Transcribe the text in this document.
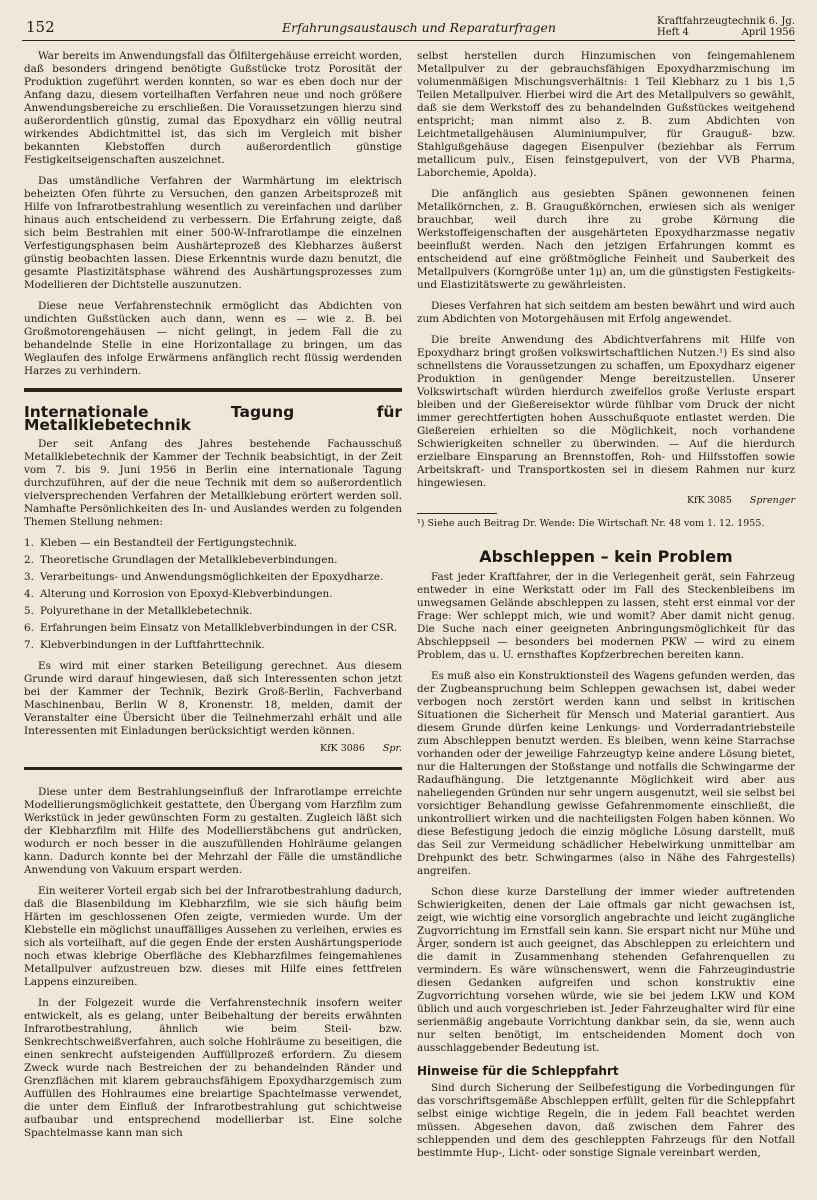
152	Erfahrungsaustausch und Reparaturfragen	Kraftfahrzeugtechnik 6. Jg.
Heft 4	April 1956

War bereits im Anwendungsfall das Ölfiltergehäuse erreicht worden, daß besonders dringend benötigte Gußstücke trotz Porosität der Produktion zugeführt werden konnten, so war es eben doch nur der Anfang dazu, diesem vorteilhaften Verfahren neue und noch größere Anwendungsbereiche zu erschließen. Die Voraussetzungen hierzu sind außerordentlich günstig, zumal das Epoxydharz ein völlig neutral wirkendes Abdichtmittel ist, das sich im Vergleich mit bisher bekannten Klebstoffen durch außerordentlich günstige Festigkeitseigenschaften auszeichnet.

Das umständliche Verfahren der Warmhärtung im elektrisch beheizten Ofen führte zu Versuchen, den ganzen Arbeitsprozeß mit Hilfe von Infrarotbestrahlung wesentlich zu vereinfachen und darüber hinaus auch entscheidend zu verbessern. Die Erfahrung zeigte, daß sich beim Bestrahlen mit einer 500-W-Infrarotlampe die einzelnen Verfestigungsphasen beim Aushärteprozeß des Klebharzes äußerst günstig beobachten lassen. Diese Erkenntnis wurde dazu benutzt, die gesamte Plastizitätsphase während des Aushärtungsprozesses zum Modellieren der Dichtstelle auszunutzen.

Diese neue Verfahrenstechnik ermöglicht das Abdichten von undichten Gußstücken auch dann, wenn es — wie z. B. bei Großmotorengehäusen — nicht gelingt, in jedem Fall die zu behandelnde Stelle in eine Horizontallage zu bringen, um das Weglaufen des infolge Erwärmens anfänglich recht flüssig werdenden Harzes zu verhindern.

Internationale Tagung für Metallklebetechnik

Der seit Anfang des Jahres bestehende Fachausschuß Metallklebetechnik der Kammer der Technik beabsichtigt, in der Zeit vom 7. bis 9. Juni 1956 in Berlin eine internationale Tagung durchzuführen, auf der die neue Technik mit dem so außerordentlich vielversprechenden Verfahren der Metallklebung erörtert werden soll. Namhafte Persönlichkeiten des In- und Auslandes werden zu folgenden Themen Stellung nehmen:

1. Kleben — ein Bestandteil der Fertigungstechnik.
2. Theoretische Grundlagen der Metallklebeverbindungen.
3. Verarbeitungs- und Anwendungsmöglichkeiten der Epoxydharze.
4. Alterung und Korrosion von Epoxyd-Klebverbindungen.
5. Polyurethane in der Metallklebetechnik.
6. Erfahrungen beim Einsatz von Metallklebverbindungen in der CSR.
7. Klebverbindungen in der Luftfahrttechnik.

Es wird mit einer starken Beteiligung gerechnet. Aus diesem Grunde wird darauf hingewiesen, daß sich Interessenten schon jetzt bei der Kammer der Technik, Bezirk Groß-Berlin, Fachverband Maschinenbau, Berlin W 8, Kronenstr. 18, melden, damit der Veranstalter eine Übersicht über die Teilnehmerzahl erhält und alle Interessenten mit Einladungen berücksichtigt werden können.

KfK 3086 Spr.

Diese unter dem Bestrahlungseinfluß der Infrarotlampe erreichte Modellierungsmöglichkeit gestattete, den Übergang vom Harzfilm zum Werkstück in jeder gewünschten Form zu gestalten. Zugleich läßt sich der Klebharzfilm mit Hilfe des Modellierstäbchens gut andrücken, wodurch er noch besser in die auszufüllenden Hohlräume gelangen kann. Dadurch konnte bei der Mehrzahl der Fälle die umständliche Anwendung von Vakuum erspart werden.

Ein weiterer Vorteil ergab sich bei der Infrarotbestrahlung dadurch, daß die Blasenbildung im Klebharzfilm, wie sie sich häufig beim Härten im geschlossenen Ofen zeigte, vermieden wurde. Um der Klebstelle ein möglichst unauffälliges Aussehen zu verleihen, erwies es sich als vorteilhaft, auf die gegen Ende der ersten Aushärtungsperiode noch etwas klebrige Oberfläche des Klebharzfilmes feingemahlenes Metallpulver aufzustreuen bzw. dieses mit Hilfe eines fettfreien Lappens einzureiben.

In der Folgezeit wurde die Verfahrenstechnik insofern weiter entwickelt, als es gelang, unter Beibehaltung der bereits erwähnten Infrarotbestrahlung, ähnlich wie beim Steil- bzw. Senkrechtschweißverfahren, auch solche Hohlräume zu beseitigen, die einen senkrecht aufsteigenden Auffüllprozeß erfordern. Zu diesem Zweck wurde nach Bestreichen der zu behandelnden Ränder und Grenzflächen mit klarem gebrauchsfähigem Epoxydharzgemisch zum Auffüllen des Hohlraumes eine breiartige Spachtelmasse verwendet, die unter dem Einfluß der Infrarotbestrahlung gut schichtweise aufbaubar und entsprechend modellierbar ist. Eine solche Spachtelmasse kann man sich

selbst herstellen durch Hinzumischen von feingemahlenem Metallpulver zu der gebrauchsfähigen Epoxydharzmischung im volumenmäßigen Mischungsverhältnis: 1 Teil Klebharz zu 1 bis 1,5 Teilen Metallpulver. Hierbei wird die Art des Metallpulvers so gewählt, daß sie dem Werkstoff des zu behandelnden Gußstückes weitgehend entspricht; man nimmt also z. B. zum Abdichten von Leichtmetallgehäusen Aluminiumpulver, für Grauguß- bzw. Stahlgußgehäuse dagegen Eisenpulver (beziehbar als Ferrum metallicum pulv., Eisen feinstgepulvert, von der VVB Pharma, Laborchemie, Apolda).

Die anfänglich aus gesiebten Spänen gewonnenen feinen Metallkörnchen, z. B. Graugußkörnchen, erwiesen sich als weniger brauchbar, weil durch ihre zu grobe Körnung die Werkstoffeigenschaften der ausgehärteten Epoxydharzmasse negativ beeinflußt werden. Nach den jetzigen Erfahrungen kommt es entscheidend auf eine größtmögliche Feinheit und Sauberkeit des Metallpulvers (Korngröße unter 1μ) an, um die günstigsten Festigkeits- und Elastizitätswerte zu gewährleisten.

Dieses Verfahren hat sich seitdem am besten bewährt und wird auch zum Abdichten von Motorgehäusen mit Erfolg angewendet.

Die breite Anwendung des Abdichtverfahrens mit Hilfe von Epoxydharz bringt großen volkswirtschaftlichen Nutzen.¹) Es sind also schnellstens die Voraussetzungen zu schaffen, um Epoxydharz eigener Produktion in genügender Menge bereitzustellen. Unserer Volkswirtschaft würden hierdurch zweifellos große Verluste erspart bleiben und der Gießereisektor würde fühlbar vom Druck der nicht immer gerechtfertigten hohen Ausschußquote entlastet werden. Die Gießereien erhielten so die Möglichkeit, noch vorhandene Schwierigkeiten schneller zu überwinden. — Auf die hierdurch erzielbare Einsparung an Brennstoffen, Roh- und Hilfsstoffen sowie Arbeitskraft- und Transportkosten sei in diesem Rahmen nur kurz hingewiesen.

KfK 3085 Sprenger
¹) Siehe auch Beitrag Dr. Wende: Die Wirtschaft Nr. 48 vom 1. 12. 1955.
Abschleppen – kein Problem

Fast jeder Kraftfahrer, der in die Verlegenheit gerät, sein Fahrzeug entweder in eine Werkstatt oder im Fall des Steckenbleibens im unwegsamen Gelände abschleppen zu lassen, steht erst einmal vor der Frage: Wer schleppt mich, wie und womit? Aber damit nicht genug. Die Suche nach einer geeigneten Anbringungsmöglichkeit für das Abschleppseil — besonders bei modernen PKW — wird zu einem Problem, das u. U. ernsthaftes Kopfzerbrechen bereiten kann.

Es muß also ein Konstruktionsteil des Wagens gefunden werden, das der Zugbeanspruchung beim Schleppen gewachsen ist, dabei weder verbogen noch zerstört werden kann und selbst in kritischen Situationen die Sicherheit für Mensch und Material garantiert. Aus diesem Grunde dürfen keine Lenkungs- und Vorderradantriebsteile zum Abschleppen benutzt werden. Es bleiben, wenn keine Starrachse vorhanden oder der jeweilige Fahrzeugtyp keine andere Lösung bietet, nur die Halterungen der Stoßstange und notfalls die Schwingarme der Radaufhängung. Die letztgenannte Möglichkeit wird aber aus naheliegenden Gründen nur sehr ungern ausgenutzt, weil sie selbst bei vorsichtiger Behandlung gewisse Gefahrenmomente einschließt, die unkontrolliert wirken und die nachteiligsten Folgen haben können. Wo diese Befestigung jedoch die einzig mögliche Lösung darstellt, muß das Seil zur Vermeidung schädlicher Hebelwirkung unmittelbar am Drehpunkt des betr. Schwingarmes (also in Nähe des Fahrgestells) angreifen.

Schon diese kurze Darstellung der immer wieder auftretenden Schwierigkeiten, denen der Laie oftmals gar nicht gewachsen ist, zeigt, wie wichtig eine vorsorglich angebrachte und leicht zugängliche Zugvorrichtung im Ernstfall sein kann. Sie erspart nicht nur Mühe und Ärger, sondern ist auch geeignet, das Abschleppen zu erleichtern und die damit in Zusammenhang stehenden Gefahrenquellen zu vermindern. Es wäre wünschenswert, wenn die Fahrzeugindustrie diesen Gedanken aufgreifen und schon konstruktiv eine Zugvorrichtung vorsehen würde, wie sie bei jedem LKW und KOM üblich und auch vorgeschrieben ist. Jeder Fahrzeughalter wird für eine serienmäßig angebaute Vorrichtung dankbar sein, da sie, wenn auch nur selten benötigt, im entscheidenden Moment doch von ausschlaggebender Bedeutung ist.

Hinweise für die Schleppfahrt

Sind durch Sicherung der Seilbefestigung die Vorbedingungen für das vorschriftsgemäße Abschleppen erfüllt, gelten für die Schleppfahrt selbst einige wichtige Regeln, die in jedem Fall beachtet werden müssen. Abgesehen davon, daß zwischen dem Fahrer des schleppenden und dem des geschleppten Fahrzeugs für den Notfall bestimmte Hup-, Licht- oder sonstige Signale vereinbart werden,
